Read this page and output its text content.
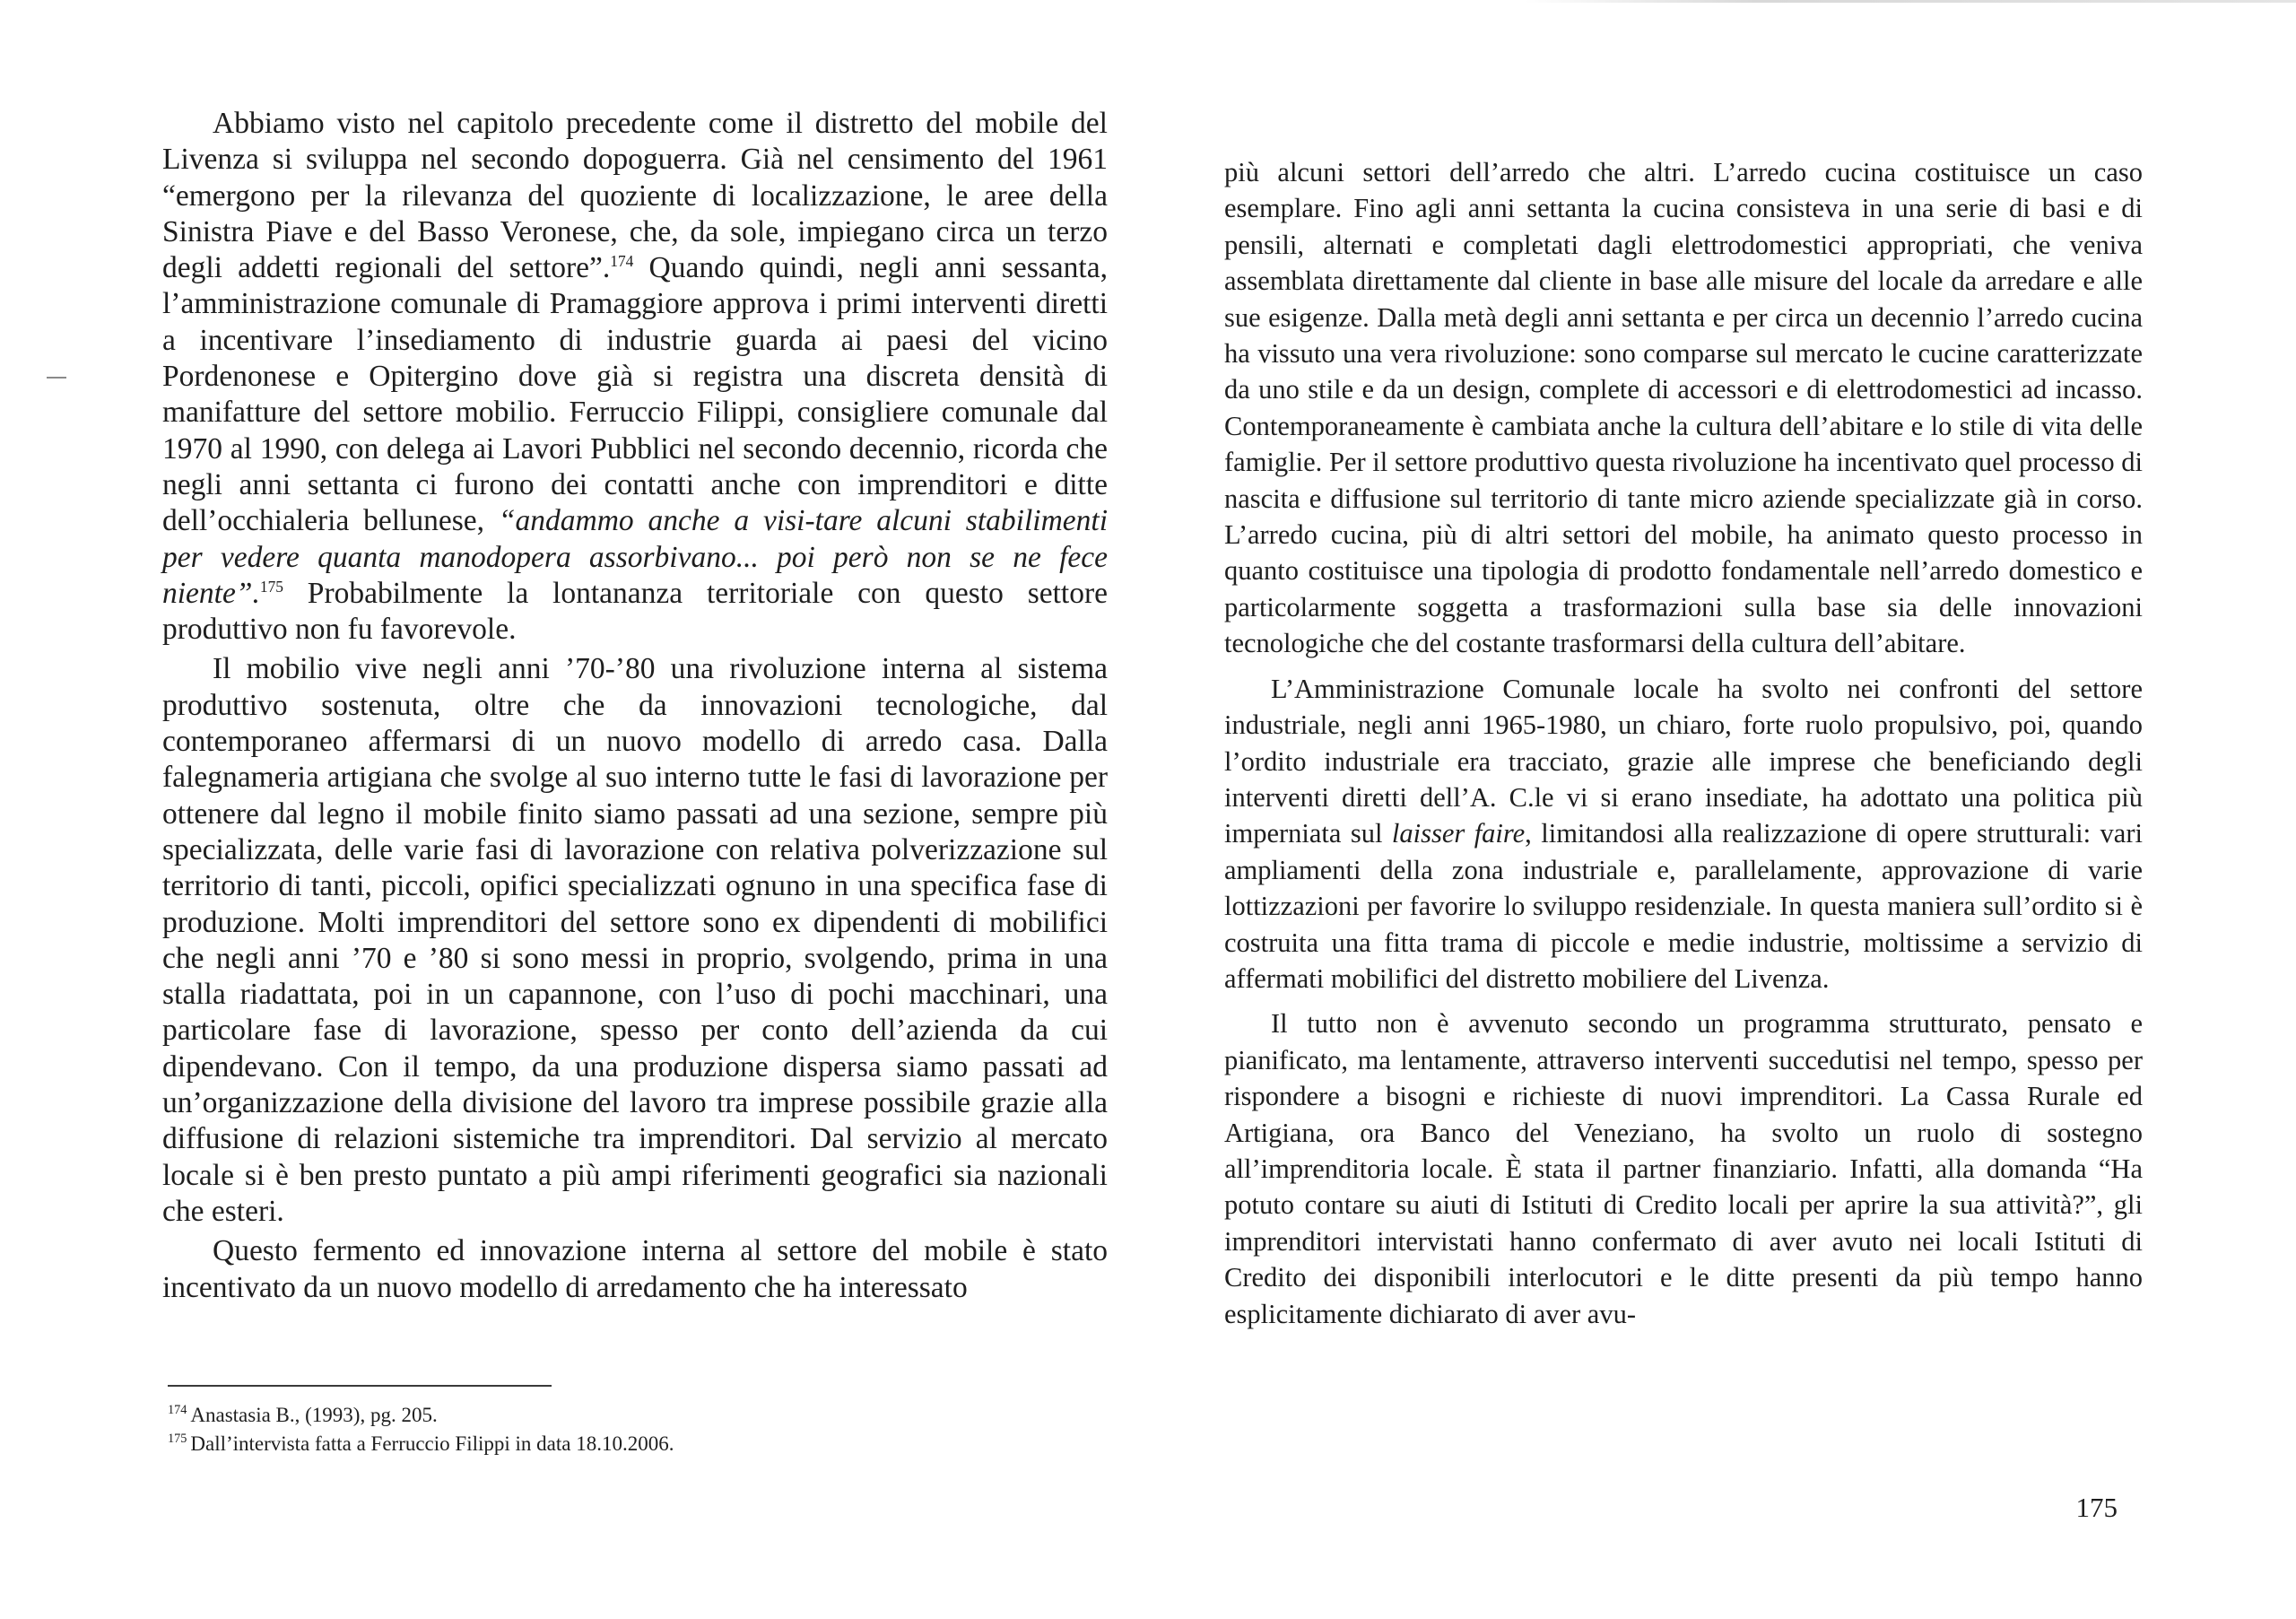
Abbiamo visto nel capitolo precedente come il distretto del mobile del Livenza si sviluppa nel secondo dopoguerra. Già nel censimento del 1961 “emergono per la rilevanza del quoziente di localizzazione, le aree della Sinistra Piave e del Basso Veronese, che, da sole, impiegano circa un terzo degli addetti regionali del settore”.$^{174}$ Quando quindi, negli anni sessanta, l’amministrazione comunale di Pramaggiore approva i primi interventi diretti a incentivare l’insediamento di industrie guarda ai paesi del vicino Pordenonese e Opitergino dove già si registra una discreta densità di manifatture del settore mobilio. Ferruccio Filippi, consigliere comunale dal 1970 al 1990, con delega ai Lavori Pubblici nel secondo decennio, ricorda che negli anni settanta ci furono dei contatti anche con imprenditori e ditte dell’occhialeria bellunese, “andammo anche a visi-tare alcuni stabilimenti per vedere quanta manodopera assorbivano... poi però non se ne fece niente”.$^{175}$ Probabilmente la lontananza territoriale con questo settore produttivo non fu favorevole.

Il mobilio vive negli anni ’70-’80 una rivoluzione interna al sistema produttivo sostenuta, oltre che da innovazioni tecnologiche, dal contemporaneo affermarsi di un nuovo modello di arredo casa. Dalla falegnameria artigiana che svolge al suo interno tutte le fasi di lavorazione per ottenere dal legno il mobile finito siamo passati ad una sezione, sempre più specializzata, delle varie fasi di lavorazione con relativa polverizzazione sul territorio di tanti, piccoli, opifici specializzati ognuno in una specifica fase di produzione. Molti imprenditori del settore sono ex dipendenti di mobilifici che negli anni ’70 e ’80 si sono messi in proprio, svolgendo, prima in una stalla riadattata, poi in un capannone, con l’uso di pochi macchinari, una particolare fase di lavorazione, spesso per conto dell’azienda da cui dipendevano. Con il tempo, da una produzione dispersa siamo passati ad un’organizzazione della divisione del lavoro tra imprese possibile grazie alla diffusione di relazioni sistemiche tra imprenditori. Dal servizio al mercato locale si è ben presto puntato a più ampi riferimenti geografici sia nazionali che esteri.

Questo fermento ed innovazione interna al settore del mobile è stato incentivato da un nuovo modello di arredamento che ha interessato

$^{174}$ Anastasia B., (1993), pg. 205.
$^{175}$ Dall’intervista fatta a Ferruccio Filippi in data 18.10.2006.

più alcuni settori dell’arredo che altri. L’arredo cucina costituisce un caso esemplare. Fino agli anni settanta la cucina consisteva in una serie di basi e di pensili, alternati e completati dagli elettrodomestici appropriati, che veniva assemblata direttamente dal cliente in base alle misure del locale da arredare e alle sue esigenze. Dalla metà degli anni settanta e per circa un decennio l’arredo cucina ha vissuto una vera rivoluzione: sono comparse sul mercato le cucine caratterizzate da uno stile e da un design, complete di accessori e di elettrodomestici ad incasso. Contemporaneamente è cambiata anche la cultura dell’abitare e lo stile di vita delle famiglie. Per il settore produttivo questa rivoluzione ha incentivato quel processo di nascita e diffusione sul territorio di tante micro aziende specializzate già in corso. L’arredo cucina, più di altri settori del mobile, ha animato questo processo in quanto costituisce una tipologia di prodotto fondamentale nell’arredo domestico e particolarmente soggetta a trasformazioni sulla base sia delle innovazioni tecnologiche che del costante trasformarsi della cultura dell’abitare.

L’Amministrazione Comunale locale ha svolto nei confronti del settore industriale, negli anni 1965-1980, un chiaro, forte ruolo propulsivo, poi, quando l’ordito industriale era tracciato, grazie alle imprese che beneficiando degli interventi diretti dell’A. C.le vi si erano insediate, ha adottato una politica più imperniata sul laisser faire, limitandosi alla realizzazione di opere strutturali: vari ampliamenti della zona industriale e, parallelamente, approvazione di varie lottizzazioni per favorire lo sviluppo residenziale. In questa maniera sull’ordito si è costruita una fitta trama di piccole e medie industrie, moltissime a servizio di affermati mobilifici del distretto mobiliere del Livenza.

Il tutto non è avvenuto secondo un programma strutturato, pensato e pianificato, ma lentamente, attraverso interventi succedutisi nel tempo, spesso per rispondere a bisogni e richieste di nuovi imprenditori. La Cassa Rurale ed Artigiana, ora Banco del Veneziano, ha svolto un ruolo di sostegno all’imprenditoria locale. È stata il partner finanziario. Infatti, alla domanda “Ha potuto contare su aiuti di Istituti di Credito locali per aprire la sua attività?”, gli imprenditori intervistati hanno confermato di aver avuto nei locali Istituti di Credito dei disponibili interlocutori e le ditte presenti da più tempo hanno esplicitamente dichiarato di aver avu-

175
